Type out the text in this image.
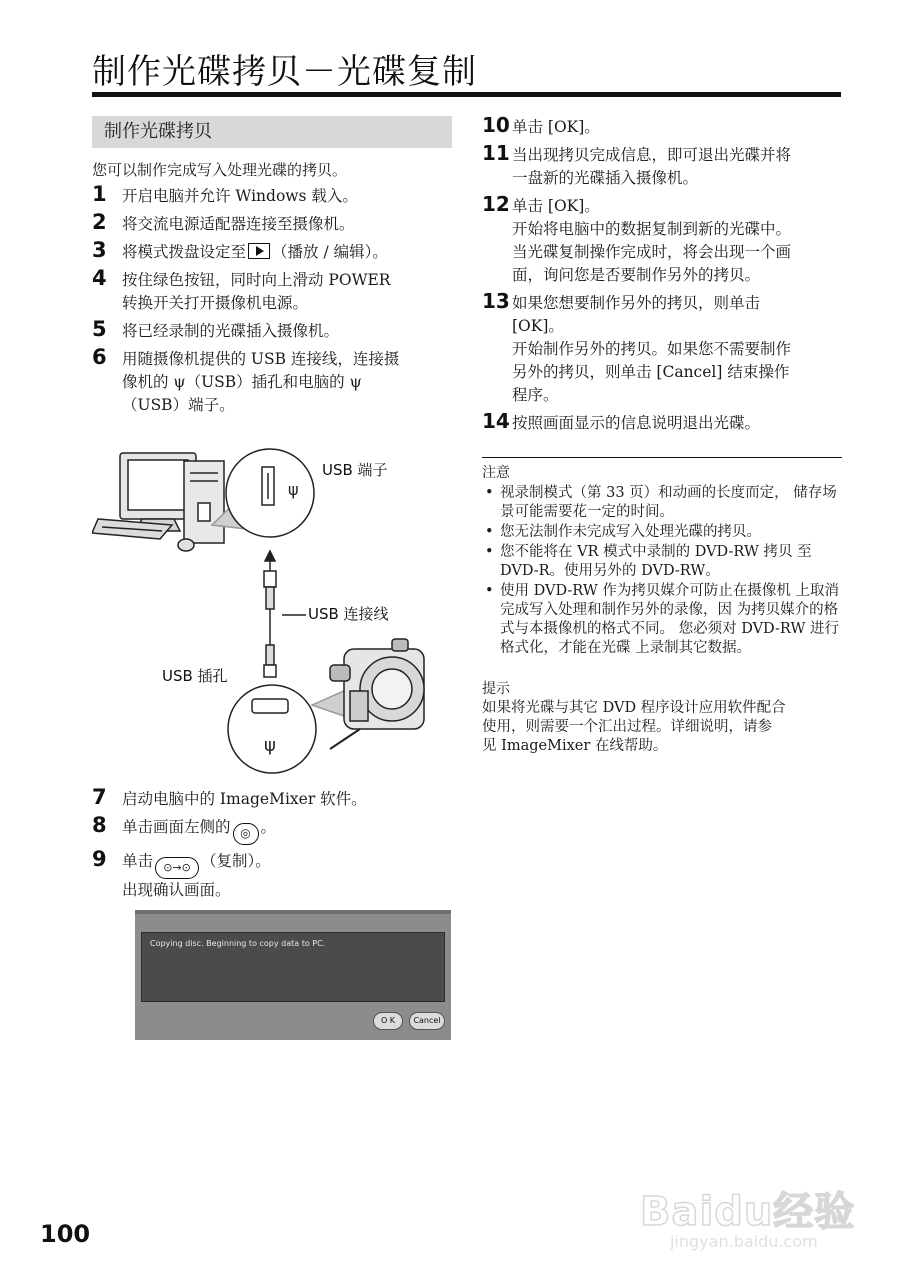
制作光碟拷贝－光碟复制
制作光碟拷贝
您可以制作完成写入处理光碟的拷贝。
1 开启电脑并允许 Windows 载入。
2 将交流电源适配器连接至摄像机。
3 将模式拨盘设定至 （播放 / 编辑）。
4 按住绿色按钮，同时向上滑动 POWER
转换开关打开摄像机电源。
5 将已经录制的光碟插入摄像机。
6 用随摄像机提供的 USB 连接线，连接摄
像机的 ψ（USB）插孔和电脑的 ψ
（USB）端子。
ψ
ψ
USB 端子
USB 连接线
USB 插孔
7 启动电脑中的 ImageMixer 软件。
8 单击画面左侧的 ◎ 。
9 单击 ⊙→⊙ （复制）。
出现确认画面。
Copying disc. Beginning to copy data to PC.
O K	Cancel
10 单击 [OK]。
11 当出现拷贝完成信息，即可退出光碟并将
一盘新的光碟插入摄像机。
12 单击 [OK]。
开始将电脑中的数据复制到新的光碟中。
当光碟复制操作完成时，将会出现一个画
面，询问您是否要制作另外的拷贝。
13 如果您想要制作另外的拷贝，则单击
[OK]。
开始制作另外的拷贝。如果您不需要制作
另外的拷贝，则单击 [Cancel] 结束操作
程序。
14 按照画面显示的信息说明退出光碟。
注意
• 视录制模式（第 33 页）和动画的长度而定， 储存场景可能需要花一定的时间。
• 您无法制作未完成写入处理光碟的拷贝。
• 您不能将在 VR 模式中录制的 DVD-RW 拷贝 至 DVD-R。使用另外的 DVD-RW。
• 使用 DVD-RW 作为拷贝媒介可防止在摄像机 上取消完成写入处理和制作另外的录像，因 为拷贝媒介的格式与本摄像机的格式不同。 您必须对 DVD-RW 进行格式化，才能在光碟 上录制其它数据。
提示
如果将光碟与其它 DVD 程序设计应用软件配合
使用，则需要一个汇出过程。详细说明，请参
见 ImageMixer 在线帮助。
100	Baidu经验
jingyan.baidu.com
